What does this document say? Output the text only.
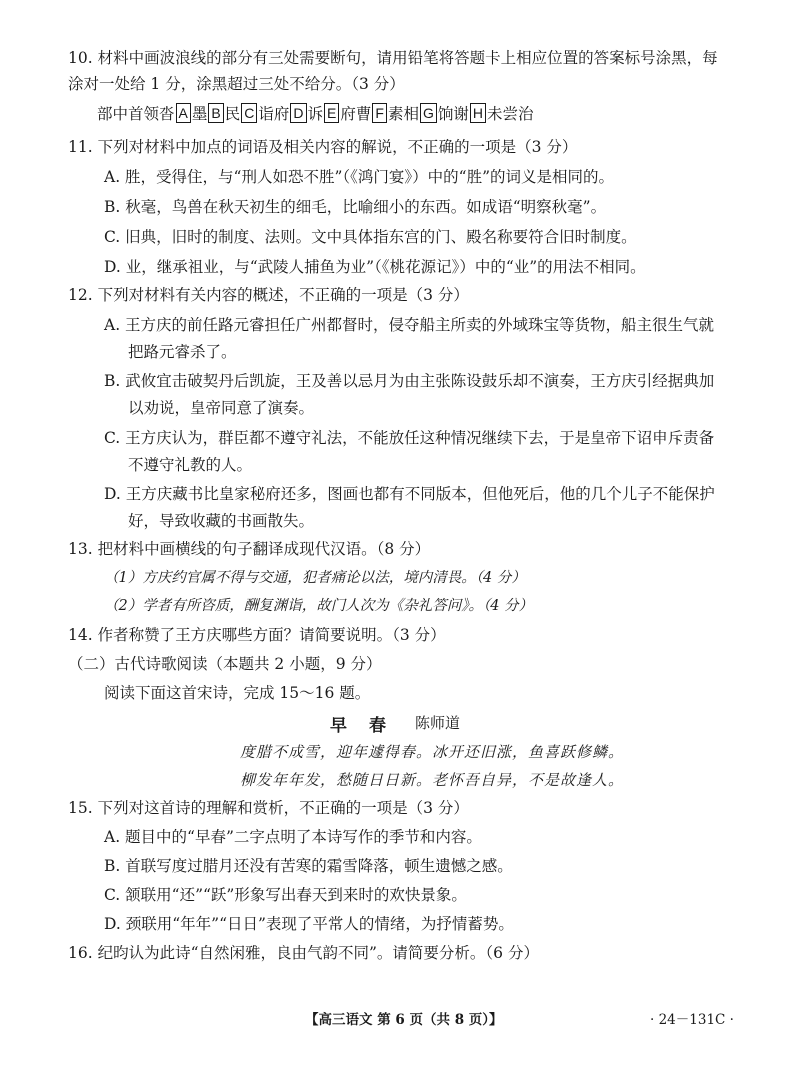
10. 材料中画波浪线的部分有三处需要断句，请用铅笔将答题卡上相应位置的答案标号涂黑，每
涂对一处给 1 分，涂黑超过三处不给分。（3 分）
部中首领沓 A 墨 B 民 C 诣府 D 诉 E 府曹 F 素相 G 饷谢 H 未尝治
11. 下列对材料中加点的词语及相关内容的解说，不正确的一项是（3 分）
A. 胜，受得住，与“刑人如恐不胜”（《鸿门宴》）中的“胜”的词义是相同的。
B. 秋毫，鸟兽在秋天初生的细毛，比喻细小的东西。如成语“明察秋毫”。
C. 旧典，旧时的制度、法则。文中具体指东宫的门、殿名称要符合旧时制度。
D. 业，继承祖业，与“武陵人捕鱼为业”（《桃花源记》）中的“业”的用法不相同。
12. 下列对材料有关内容的概述，不正确的一项是（3 分）
A. 王方庆的前任路元睿担任广州都督时，侵夺船主所卖的外域珠宝等货物，船主很生气就
把路元睿杀了。
B. 武攸宜击破契丹后凯旋，王及善以忌月为由主张陈设鼓乐却不演奏，王方庆引经据典加
以劝说，皇帝同意了演奏。
C. 王方庆认为，群臣都不遵守礼法，不能放任这种情况继续下去，于是皇帝下诏申斥责备
不遵守礼教的人。
D. 王方庆藏书比皇家秘府还多，图画也都有不同版本，但他死后，他的几个儿子不能保护
好，导致收藏的书画散失。
13. 把材料中画横线的句子翻译成现代汉语。（8 分）
（1）方庆约官属不得与交通，犯者痛论以法，境内清畏。（4 分）
（2）学者有所咨质，酬复渊诣，故门人次为《杂礼答问》。（4 分）
14. 作者称赞了王方庆哪些方面？请简要说明。（3 分）
（二）古代诗歌阅读（本题共 2 小题，9 分）
阅读下面这首宋诗，完成 15～16 题。
早春 陈师道
度腊不成雪，迎年遽得春。冰开还旧涨，鱼喜跃修鳞。
柳发年年发，愁随日日新。老怀吾自异，不是故逢人。
15. 下列对这首诗的理解和赏析，不正确的一项是（3 分）
A. 题目中的“早春”二字点明了本诗写作的季节和内容。
B. 首联写度过腊月还没有苦寒的霜雪降落，顿生遗憾之感。
C. 颔联用“还”“跃”形象写出春天到来时的欢快景象。
D. 颈联用“年年”“日日”表现了平常人的情绪，为抒情蓄势。
16. 纪昀认为此诗“自然闲雅，良由气韵不同”。请简要分析。（6 分）
【高三语文 第 6 页（共 8 页）】	· 24－131C ·
